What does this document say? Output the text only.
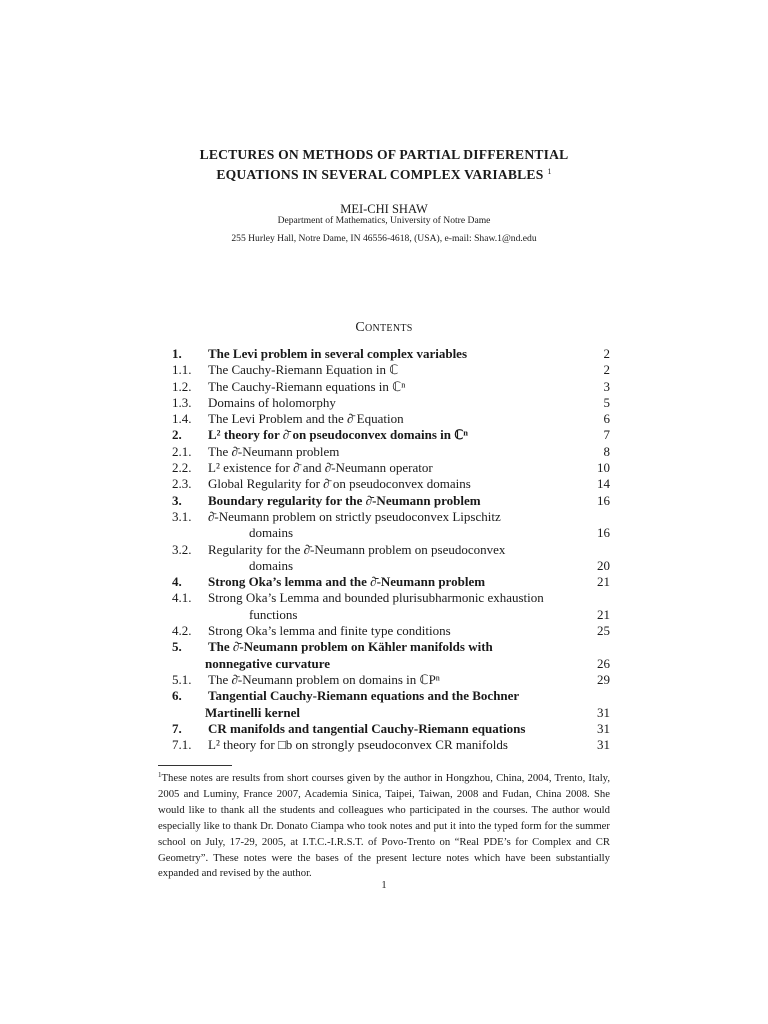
LECTURES ON METHODS OF PARTIAL DIFFERENTIAL
EQUATIONS IN SEVERAL COMPLEX VARIABLES $^1$
MEI-CHI SHAW
Department of Mathematics, University of Notre Dame
255 Hurley Hall, Notre Dame, IN 46556-4618, (USA), e-mail: Shaw.1@nd.edu
Contents
1. The Levi problem in several complex variables	2
1.1. The Cauchy-Riemann Equation in ℂ	2
1.2. The Cauchy-Riemann equations in ℂⁿ	3
1.3. Domains of holomorphy	5
1.4. The Levi Problem and the ∂̄ Equation	6
2. L² theory for ∂̄ on pseudoconvex domains in ℂⁿ	7
2.1. The ∂̄-Neumann problem	8
2.2. L² existence for ∂̄ and ∂̄-Neumann operator	10
2.3. Global Regularity for ∂̄ on pseudoconvex domains	14
3. Boundary regularity for the ∂̄-Neumann problem	16
3.1. ∂̄-Neumann problem on strictly pseudoconvex Lipschitz
domains	16
3.2. Regularity for the ∂̄-Neumann problem on pseudoconvex
domains	20
4. Strong Oka’s lemma and the ∂̄-Neumann problem	21
4.1. Strong Oka’s Lemma and bounded plurisubharmonic exhaustion
functions	21
4.2. Strong Oka’s lemma and finite type conditions	25
5. The ∂̄-Neumann problem on Kähler manifolds with
nonnegative curvature	26
5.1. The ∂̄-Neumann problem on domains in ℂPⁿ	29
6. Tangential Cauchy-Riemann equations and the Bochner
Martinelli kernel	31
7. CR manifolds and tangential Cauchy-Riemann equations	31
7.1. L² theory for □b on strongly pseudoconvex CR manifolds	31
$^1$These notes are results from short courses given by the author in Hongzhou, China, 2004, Trento, Italy, 2005 and Luminy, France 2007, Academia Sinica, Taipei, Taiwan, 2008 and Fudan, China 2008. She would like to thank all the students and colleagues who participated in the courses. The author would especially like to thank Dr. Donato Ciampa who took notes and put it into the typed form for the summer school on July, 17-29, 2005, at I.T.C.-I.R.S.T. of Povo-Trento on “Real PDE’s for Complex and CR Geometry”. These notes were the bases of the present lecture notes which have been substantially expanded and revised by the author.
1
